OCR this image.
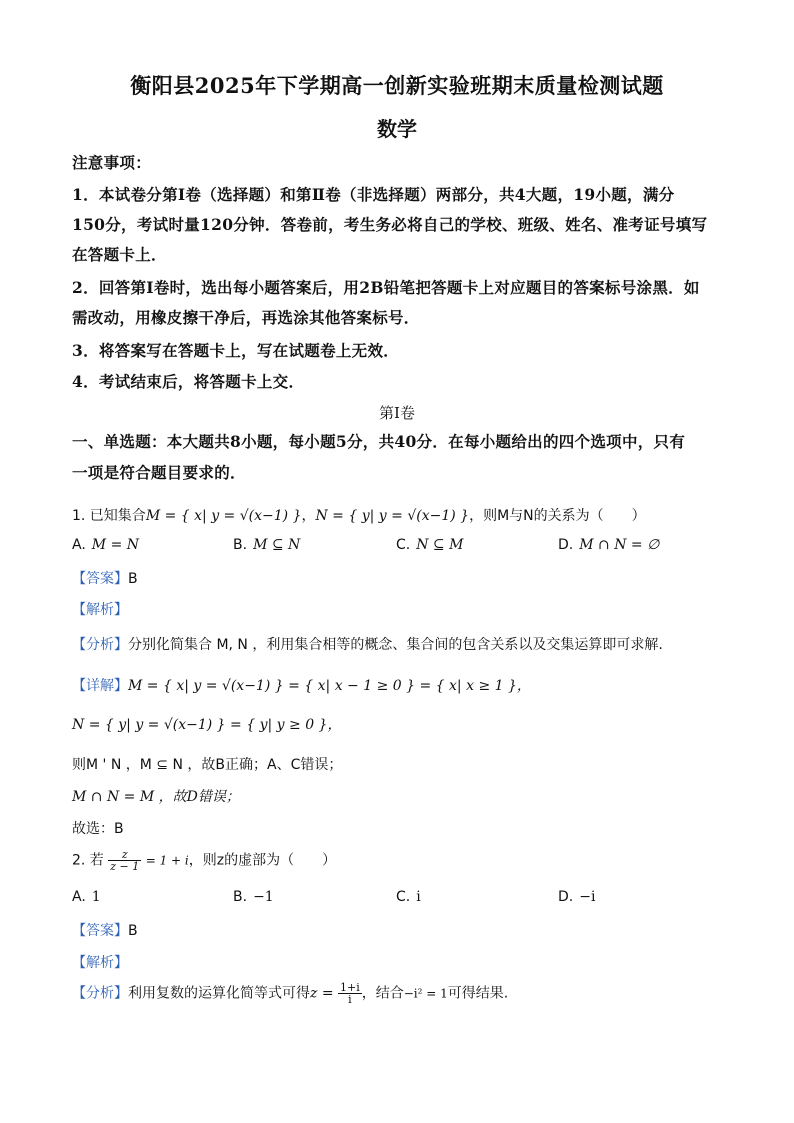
衡阳县2025年下学期高一创新实验班期末质量检测试题
数学
注意事项：
1．本试卷分第Ⅰ卷（选择题）和第Ⅱ卷（非选择题）两部分，共4大题，19小题，满分
150分，考试时量120分钟．答卷前，考生务必将自己的学校、班级、姓名、准考证号填写
在答题卡上．
2．回答第Ⅰ卷时，选出每小题答案后，用2B铅笔把答题卡上对应题目的答案标号涂黑．如
需改动，用橡皮擦干净后，再选涂其他答案标号．
3．将答案写在答题卡上，写在试题卷上无效．
4．考试结束后，将答题卡上交．
第I卷
一、单选题：本大题共8小题，每小题5分，共40分．在每小题给出的四个选项中，只有
一项是符合题目要求的．
1. 已知集合M = { x| y = √(x−1) }，N = { y| y = √(x−1) }，则M与N的关系为（　　）
A. M = N	B. M ⊆ N	C. N ⊆ M	D. M ∩ N = ∅
【答案】B
【解析】
【分析】分别化简集合 M, N ，利用集合相等的概念、集合间的包含关系以及交集运算即可求解.
【详解】M = { x| y = √(x−1) } = { x| x − 1 ≥ 0 } = { x| x ≥ 1 }，
N = { y| y = √(x−1) } = { y| y ≥ 0 }，
则M ' N ，M ⊆ N ，故B正确；A、C错误；
M ∩ N = M ，故D错误；
故选：B
2. 若 $\frac{z}{z - 1} = 1 + i$，则z的虚部为（　　）
A. 1	B. −1	C. i	D. −i
【答案】B
【解析】
【分析】利用复数的运算化简等式可得$z = \frac{1+i}{i}$ ，结合−i² = 1可得结果.
